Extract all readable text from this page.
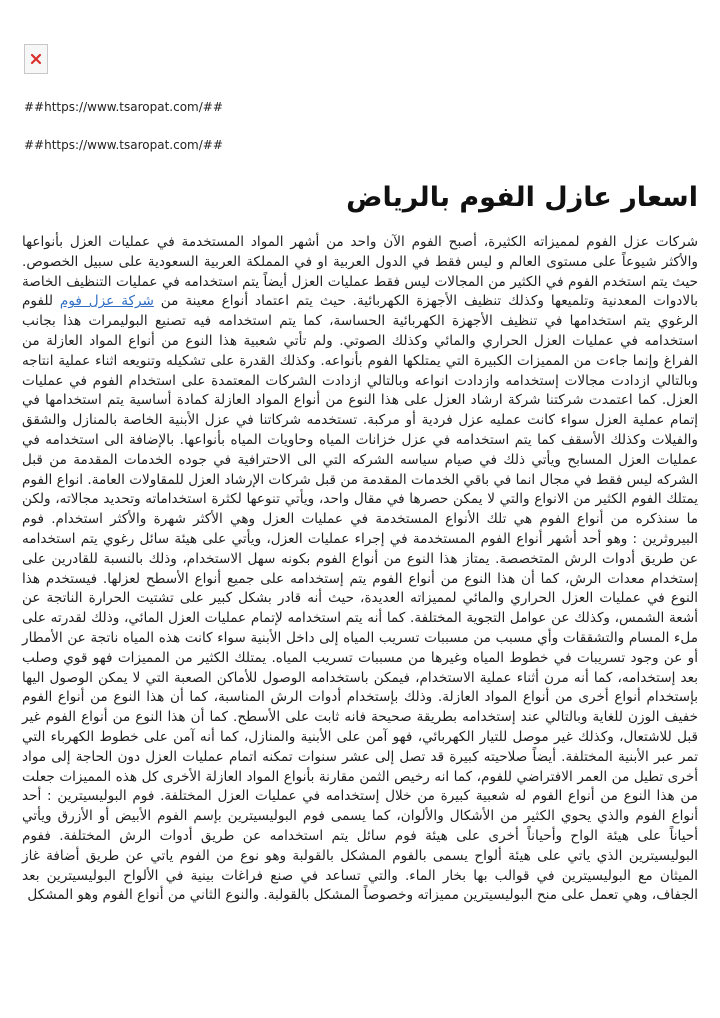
##https://www.tsaropat.com/##
##https://www.tsaropat.com/##
اسعار عازل الفوم بالرياض

شركات عزل الفوم لمميزاته الكثيرة، أصبح الفوم الآن واحد من أشهر المواد المستخدمة في عمليات العزل بأنواعها والأكثر شيوعاً على مستوى العالم و ليس فقط في الدول العربية او في المملكة العربية السعودية على سبيل الخصوص. حيث يتم استخدم الفوم في الكثير من المجالات ليس فقط عمليات العزل أيضاً يتم استخدامه في عمليات التنظيف الخاصة بالادوات المعدنية وتلميعها وكذلك تنظيف الأجهزة الكهربائية. حيث يتم اعتماد أنواع معينة من شركة عزل فوم للفوم الرغوي يتم استخدامها في تنظيف الأجهزة الكهربائية الحساسة، كما يتم استخدامه فيه تصنيع البوليمرات هذا بجانب استخدامه في عمليات العزل الحراري والمائي وكذلك الصوتي. ولم تأتي شعبية هذا النوع من أنواع المواد العازلة من الفراغ وإنما جاءت من المميزات الكبيرة التي يمتلكها الفوم بأنواعه. وكذلك القدرة على تشكيله وتنويعه اثناء عملية انتاجه وبالتالي ازدادت مجالات إستخدامه وازدادت انواعه وبالتالي ازدادت الشركات المعتمدة على استخدام الفوم في عمليات العزل. كما اعتمدت شركتنا شركة ارشاد العزل على هذا النوع من أنواع المواد العازلة كمادة أساسية يتم استخدامها في إتمام عملية العزل سواء كانت عمليه عزل فردية أو مركبة. تستخدمه شركاتنا في عزل الأبنية الخاصة بالمنازل والشقق والفيلات وكذلك الأسقف كما يتم استخدامه في عزل خزانات المياه وحاويات المياه بأنواعها. بالإضافة الى استخدامه في عمليات العزل المسابح ويأتي ذلك في صيام سياسه الشركه التي الى الاحترافية في جوده الخدمات المقدمة من قبل الشركه ليس فقط في مجال انما في باقي الخدمات المقدمة من قبل شركات الإرشاد العزل للمقاولات العامة. انواع الفوم يمتلك الفوم الكثير من الانواع والتي لا يمكن حصرها في مقال واحد، ويأتي تنوعها لكثرة استخداماته وتحديد مجالاته، ولكن ما سنذكره من أنواع الفوم هي تلك الأنواع المستخدمة في عمليات العزل وهي الأكثر شهرة والأكثر استخدام. فوم البيروثرين : وهو أحد أشهر أنواع الفوم المستخدمة في إجراء عمليات العزل، ويأتي على هيئة سائل رغوي يتم استخدامه عن طريق أدوات الرش المتخصصة. يمتاز هذا النوع من أنواع الفوم بكونه سهل الاستخدام، وذلك بالنسبة للقادرين على إستخدام معدات الرش، كما أن هذا النوع من أنواع الفوم يتم إستخدامه على جميع أنواع الأسطح لعزلها. فيستخدم هذا النوع في عمليات العزل الحراري والمائي لمميزاته العديدة، حيث أنه قادر بشكل كبير على تشتيت الحرارة الناتجة عن أشعة الشمس، وكذلك عن عوامل التجوية المختلفة. كما أنه يتم استخدامه لإتمام عمليات العزل المائي، وذلك لقدرته على ملء المسام والتشققات وأي مسبب من مسببات تسريب المياه إلى داخل الأبنية سواء كانت هذه المياه ناتجة عن الأمطار أو عن وجود تسريبات في خطوط المياه وغيرها من مسببات تسريب المياه. يمتلك الكثير من المميزات فهو قوي وصلب بعد إستخدامه، كما أنه مرن أثناء عملية الاستخدام، فيمكن باستخدامه الوصول للأماكن الصعبة التي لا يمكن الوصول اليها بإستخدام أنواع أخرى من أنواع المواد العازلة. وذلك بإستخدام أدوات الرش المناسبة، كما أن هذا النوع من أنواع الفوم خفيف الوزن للغاية وبالتالي عند إستخدامه بطريقة صحيحة فانه ثابت على الأسطح. كما أن هذا النوع من أنواع الفوم غير قبل للاشتعال، وكذلك غير موصل للتيار الكهربائي، فهو آمن على الأبنية والمنازل، كما أنه آمن على خطوط الكهرباء التي تمر عبر الأبنية المختلفة. أيضاً صلاحيته كبيرة قد تصل إلى عشر سنوات تمكنه اتمام عمليات العزل دون الحاجة إلى مواد أخرى تطيل من العمر الافتراضي للفوم، كما انه رخيص الثمن مقارنة بأنواع المواد العازلة الأخرى كل هذه المميزات جعلت من هذا النوع من أنواع الفوم له شعبية كبيرة من خلال إستخدامه في عمليات العزل المختلفة. فوم البوليسيترين : أحد أنواع الفوم والذي يحوي الكثير من الأشكال والألوان، كما يسمى فوم البوليسيترين بإسم الفوم الأبيض أو الأزرق ويأتي أحياناً على هيئة الواح وأحياناً أخرى على هيئة فوم سائل يتم استخدامه عن طريق أدوات الرش المختلفة. ففوم البوليسيترين الذي ياتي على هيئة ألواح يسمى بالفوم المشكل بالقولبة وهو نوع من الفوم ياتي عن طريق أضافة غاز الميثان مع البوليسيترين في قوالب بها بخار الماء. والتي تساعد في صنع فراغات بينية في الألواح البوليسيترين بعد الجفاف، وهي تعمل على منح البوليسيترين مميزاته وخصوصاً المشكل بالقولبة. والنوع الثاني من أنواع الفوم وهو المشكل
